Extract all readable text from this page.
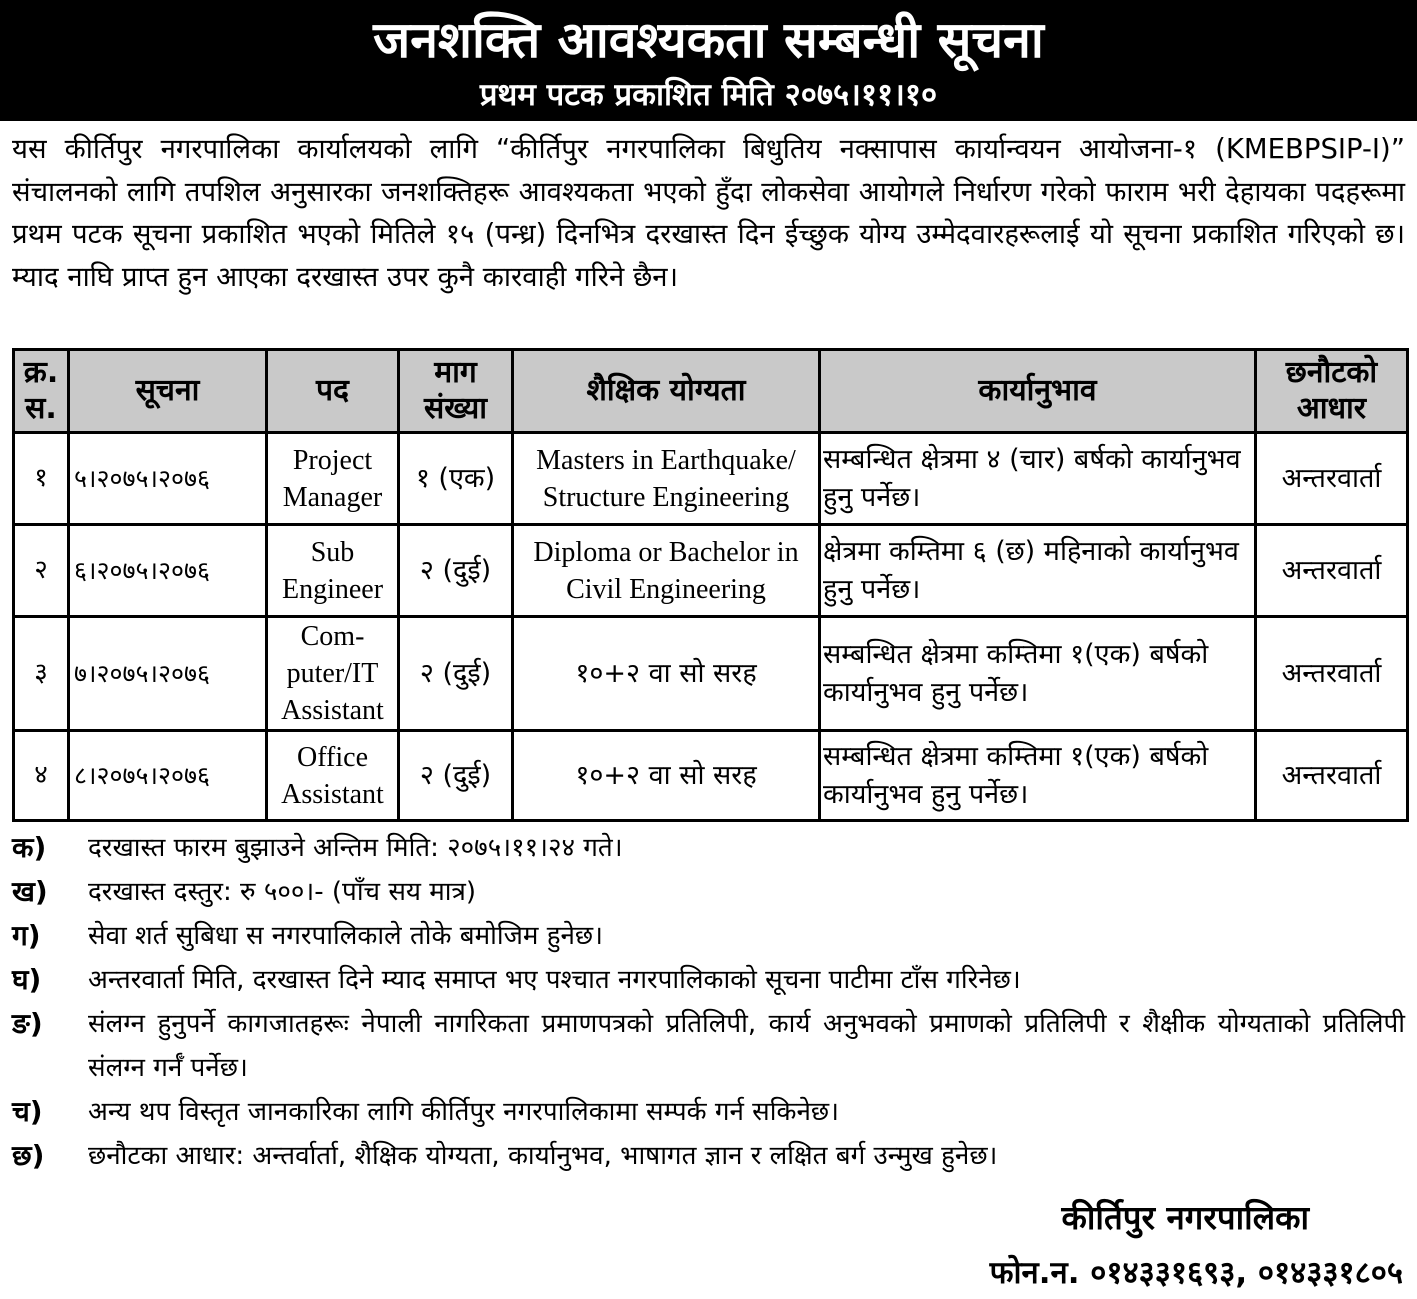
जनशक्ति आवश्यकता सम्बन्धी सूचना
प्रथम पटक प्रकाशित मिति २०७५।११।१०
यस कीर्तिपुर नगरपालिका कार्यालयको लागि “कीर्तिपुर नगरपालिका बिधुतिय नक्सापास कार्यान्वयन आयोजना-१ (KMEBPSIP-I)” संचालनको लागि तपशिल अनुसारका जनशक्तिहरू आवश्यकता भएको हुँदा लोकसेवा आयोगले निर्धारण गरेको फाराम भरी देहायका पदहरूमा प्रथम पटक सूचना प्रकाशित भएको मितिले १५ (पन्ध्र) दिनभित्र दरखास्त दिन ईच्छुक योग्य उम्मेदवारहरूलाई यो सूचना प्रकाशित गरिएको छ। म्याद नाघि प्राप्त हुन आएका दरखास्त उपर कुनै कारवाही गरिने छैन।
क्र. स.	सूचना	पद	माग संख्या	शैक्षिक योग्यता	कार्यानुभाव	छनौटको आधार
१	५।२०७५।२०७६	Project Manager	१ (एक)	Masters in Earthquake/ Structure Engineering	सम्बन्धित क्षेत्रमा ४ (चार) बर्षको कार्यानुभव हुनु पर्नेछ।	अन्तरवार्ता
२	६।२०७५।२०७६	Sub Engineer	२ (दुई)	Diploma or Bachelor in Civil Engineering	क्षेत्रमा कम्तिमा ६ (छ) महिनाको कार्यानुभव हुनु पर्नेछ।	अन्तरवार्ता
३	७।२०७५।२०७६	Com- puter/IT Assistant	२ (दुई)	१०+२ वा सो सरह	सम्बन्धित क्षेत्रमा कम्तिमा १(एक) बर्षको कार्यानुभव हुनु पर्नेछ।	अन्तरवार्ता
४	८।२०७५।२०७६	Office Assistant	२ (दुई)	१०+२ वा सो सरह	सम्बन्धित क्षेत्रमा कम्तिमा १(एक) बर्षको कार्यानुभव हुनु पर्नेछ।	अन्तरवार्ता
क) दरखास्त फारम बुझाउने अन्तिम मिति: २०७५।११।२४ गते।
ख) दरखास्त दस्तुर: रु ५००।- (पाँच सय मात्र)
ग) सेवा शर्त सुबिधा स नगरपालिकाले तोके बमोजिम हुनेछ।
घ) अन्तरवार्ता मिति, दरखास्त दिने म्याद समाप्त भए पश्चात नगरपालिकाको सूचना पाटीमा टाँस गरिनेछ।
ङ) संलग्न हुनुपर्ने कागजातहरूः नेपाली नागरिकता प्रमाणपत्रको प्रतिलिपी, कार्य अनुभवको प्रमाणको प्रतिलिपी र शैक्षीक योग्यताको प्रतिलिपी संलग्न गर्नँ पर्नेछ।
च) अन्य थप विस्तृत जानकारिका लागि कीर्तिपुर नगरपालिकामा सम्पर्क गर्न सकिनेछ।
छ) छनौटका आधार: अन्तर्वार्ता, शैक्षिक योग्यता, कार्यानुभव, भाषागत ज्ञान र लक्षित बर्ग उन्मुख हुनेछ।
कीर्तिपुर नगरपालिका
फोन.न. ०१४३३१६९३, ०१४३३१८०५
